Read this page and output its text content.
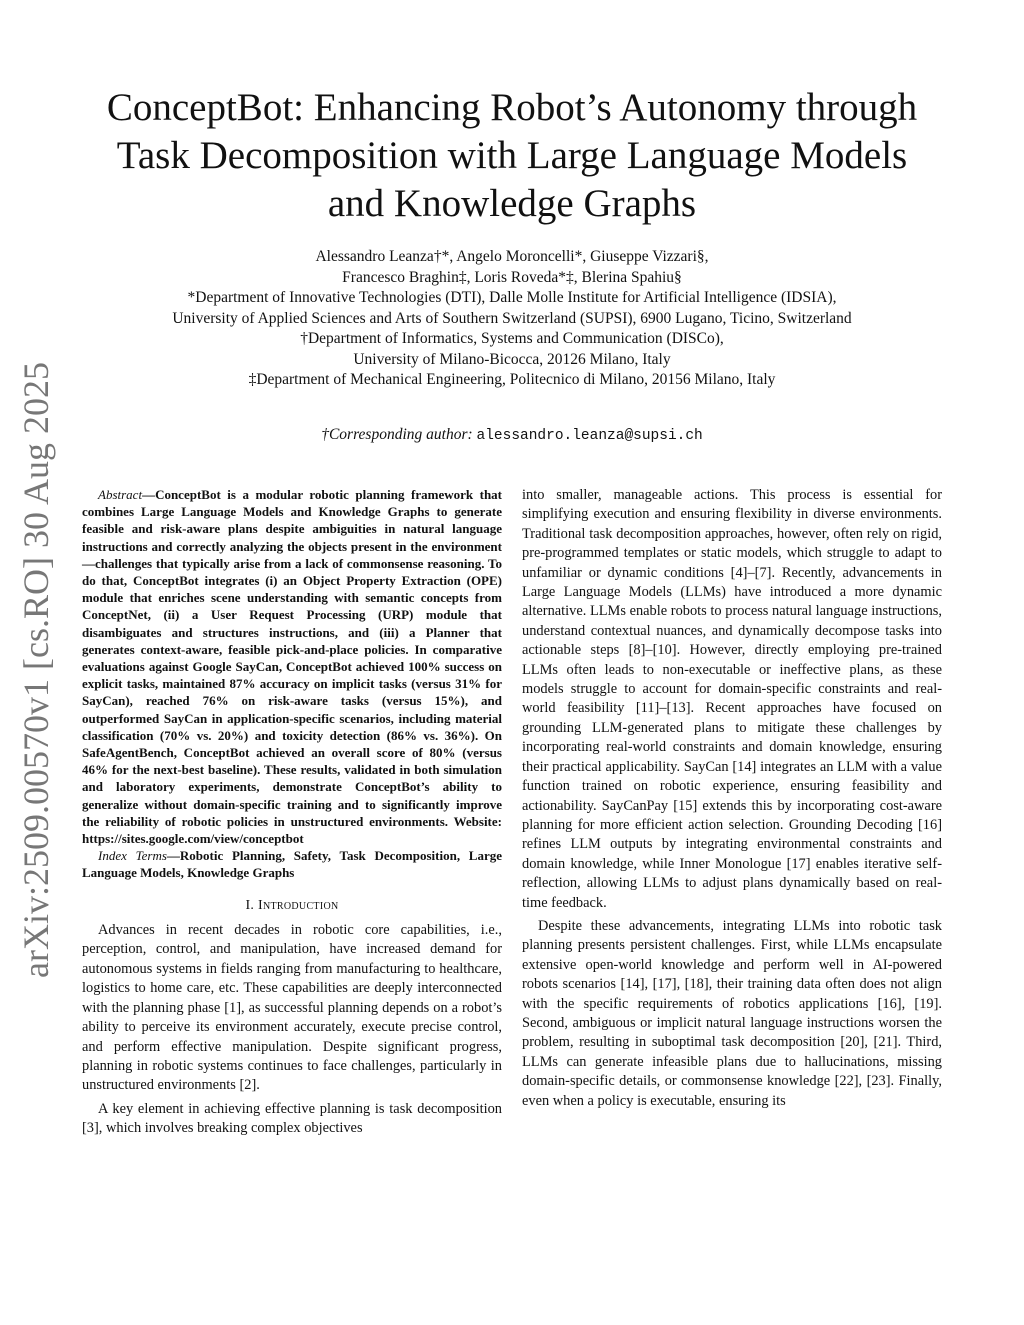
arXiv:2509.00570v1 [cs.RO] 30 Aug 2025
ConceptBot: Enhancing Robot’s Autonomy through
Task Decomposition with Large Language Models
and Knowledge Graphs
Alessandro Leanza†*, Angelo Moroncelli*, Giuseppe Vizzari§,
Francesco Braghin‡, Loris Roveda*‡, Blerina Spahiu§
*Department of Innovative Technologies (DTI), Dalle Molle Institute for Artificial Intelligence (IDSIA),
University of Applied Sciences and Arts of Southern Switzerland (SUPSI), 6900 Lugano, Ticino, Switzerland
†Department of Informatics, Systems and Communication (DISCo),
University of Milano-Bicocca, 20126 Milano, Italy
‡Department of Mechanical Engineering, Politecnico di Milano, 20156 Milano, Italy
†Corresponding author: alessandro.leanza@supsi.ch

Abstract—ConceptBot is a modular robotic planning framework that combines Large Language Models and Knowledge Graphs to generate feasible and risk-aware plans despite ambiguities in natural language instructions and correctly analyzing the objects present in the environment—challenges that typically arise from a lack of commonsense reasoning. To do that, ConceptBot integrates (i) an Object Property Extraction (OPE) module that enriches scene understanding with semantic concepts from ConceptNet, (ii) a User Request Processing (URP) module that disambiguates and structures instructions, and (iii) a Planner that generates context-aware, feasible pick-and-place policies. In comparative evaluations against Google SayCan, ConceptBot achieved 100% success on explicit tasks, maintained 87% accuracy on implicit tasks (versus 31% for SayCan), reached 76% on risk-aware tasks (versus 15%), and outperformed SayCan in application-specific scenarios, including material classification (70% vs. 20%) and toxicity detection (86% vs. 36%). On SafeAgentBench, ConceptBot achieved an overall score of 80% (versus 46% for the next-best baseline). These results, validated in both simulation and laboratory experiments, demonstrate ConceptBot’s ability to generalize without domain-specific training and to significantly improve the reliability of robotic policies in unstructured environments. Website: https://sites.google.com/view/conceptbot

Index Terms—Robotic Planning, Safety, Task Decomposition, Large Language Models, Knowledge Graphs

I. Introduction

Advances in recent decades in robotic core capabilities, i.e., perception, control, and manipulation, have increased demand for autonomous systems in fields ranging from manufacturing to healthcare, logistics to home care, etc. These capabilities are deeply interconnected with the planning phase [1], as successful planning depends on a robot’s ability to perceive its environment accurately, execute precise control, and perform effective manipulation. Despite significant progress, planning in robotic systems continues to face challenges, particularly in unstructured environments [2].

A key element in achieving effective planning is task decomposition [3], which involves breaking complex objectives

into smaller, manageable actions. This process is essential for simplifying execution and ensuring flexibility in diverse environments. Traditional task decomposition approaches, however, often rely on rigid, pre-programmed templates or static models, which struggle to adapt to unfamiliar or dynamic conditions [4]–[7]. Recently, advancements in Large Language Models (LLMs) have introduced a more dynamic alternative. LLMs enable robots to process natural language instructions, understand contextual nuances, and dynamically decompose tasks into actionable steps [8]–[10]. However, directly employing pre-trained LLMs often leads to non-executable or ineffective plans, as these models struggle to account for domain-specific constraints and real-world feasibility [11]–[13]. Recent approaches have focused on grounding LLM-generated plans to mitigate these challenges by incorporating real-world constraints and domain knowledge, ensuring their practical applicability. SayCan [14] integrates an LLM with a value function trained on robotic experience, ensuring feasibility and actionability. SayCanPay [15] extends this by incorporating cost-aware planning for more efficient action selection. Grounding Decoding [16] refines LLM outputs by integrating environmental constraints and domain knowledge, while Inner Monologue [17] enables iterative self-reflection, allowing LLMs to adjust plans dynamically based on real-time feedback.

Despite these advancements, integrating LLMs into robotic task planning presents persistent challenges. First, while LLMs encapsulate extensive open-world knowledge and perform well in AI-powered robots scenarios [14], [17], [18], their training data often does not align with the specific requirements of robotics applications [16], [19]. Second, ambiguous or implicit natural language instructions worsen the problem, resulting in suboptimal task decomposition [20], [21]. Third, LLMs can generate infeasible plans due to hallucinations, missing domain-specific details, or commonsense knowledge [22], [23]. Finally, even when a policy is executable, ensuring its
